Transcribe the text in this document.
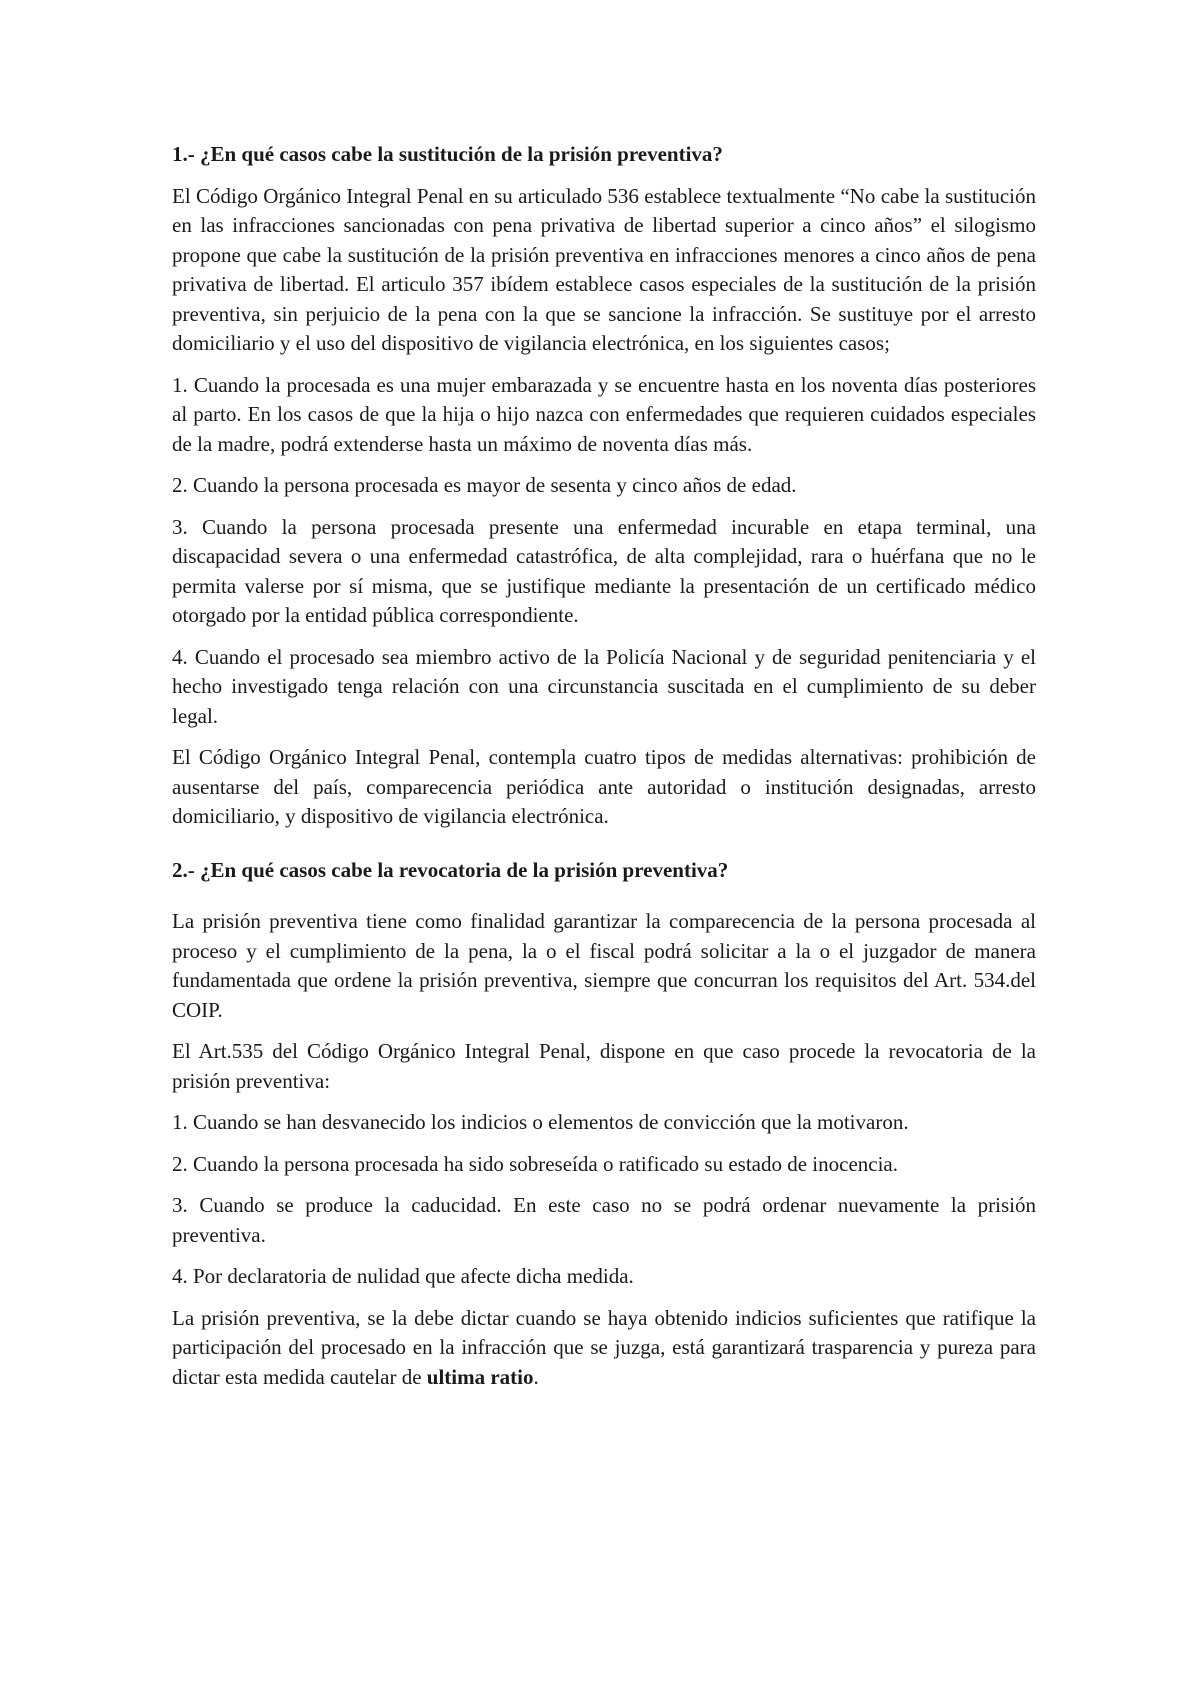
1.- ¿En qué casos cabe la sustitución de la prisión preventiva?

El Código Orgánico Integral Penal en su articulado 536 establece textualmente “No cabe la sustitución en las infracciones sancionadas con pena privativa de libertad superior a cinco años” el silogismo propone que cabe la sustitución de la prisión preventiva en infracciones menores a cinco años de pena privativa de libertad. El articulo 357 ibídem establece casos especiales de la sustitución de la prisión preventiva, sin perjuicio de la pena con la que se sancione la infracción. Se sustituye por el arresto domiciliario y el uso del dispositivo de vigilancia electrónica, en los siguientes casos;

1. Cuando la procesada es una mujer embarazada y se encuentre hasta en los noventa días posteriores al parto. En los casos de que la hija o hijo nazca con enfermedades que requieren cuidados especiales de la madre, podrá extenderse hasta un máximo de noventa días más.

2. Cuando la persona procesada es mayor de sesenta y cinco años de edad.

3. Cuando la persona procesada presente una enfermedad incurable en etapa terminal, una discapacidad severa o una enfermedad catastrófica, de alta complejidad, rara o huérfana que no le permita valerse por sí misma, que se justifique mediante la presentación de un certificado médico otorgado por la entidad pública correspondiente.

4. Cuando el procesado sea miembro activo de la Policía Nacional y de seguridad penitenciaria y el hecho investigado tenga relación con una circunstancia suscitada en el cumplimiento de su deber legal.

El Código Orgánico Integral Penal, contempla cuatro tipos de medidas alternativas: prohibición de ausentarse del país, comparecencia periódica ante autoridad o institución designadas, arresto domiciliario, y dispositivo de vigilancia electrónica.

2.- ¿En qué casos cabe la revocatoria de la prisión preventiva?

La prisión preventiva tiene como finalidad garantizar la comparecencia de la persona procesada al proceso y el cumplimiento de la pena, la o el fiscal podrá solicitar a la o el juzgador de manera fundamentada que ordene la prisión preventiva, siempre que concurran los requisitos del Art. 534.del COIP.

El Art.535 del Código Orgánico Integral Penal, dispone en que caso procede la revocatoria de la prisión preventiva:

1. Cuando se han desvanecido los indicios o elementos de convicción que la motivaron.

2. Cuando la persona procesada ha sido sobreseída o ratificado su estado de inocencia.

3. Cuando se produce la caducidad. En este caso no se podrá ordenar nuevamente la prisión preventiva.

4. Por declaratoria de nulidad que afecte dicha medida.

La prisión preventiva, se la debe dictar cuando se haya obtenido indicios suficientes que ratifique la participación del procesado en la infracción que se juzga, está garantizará trasparencia y pureza para dictar esta medida cautelar de ultima ratio.
